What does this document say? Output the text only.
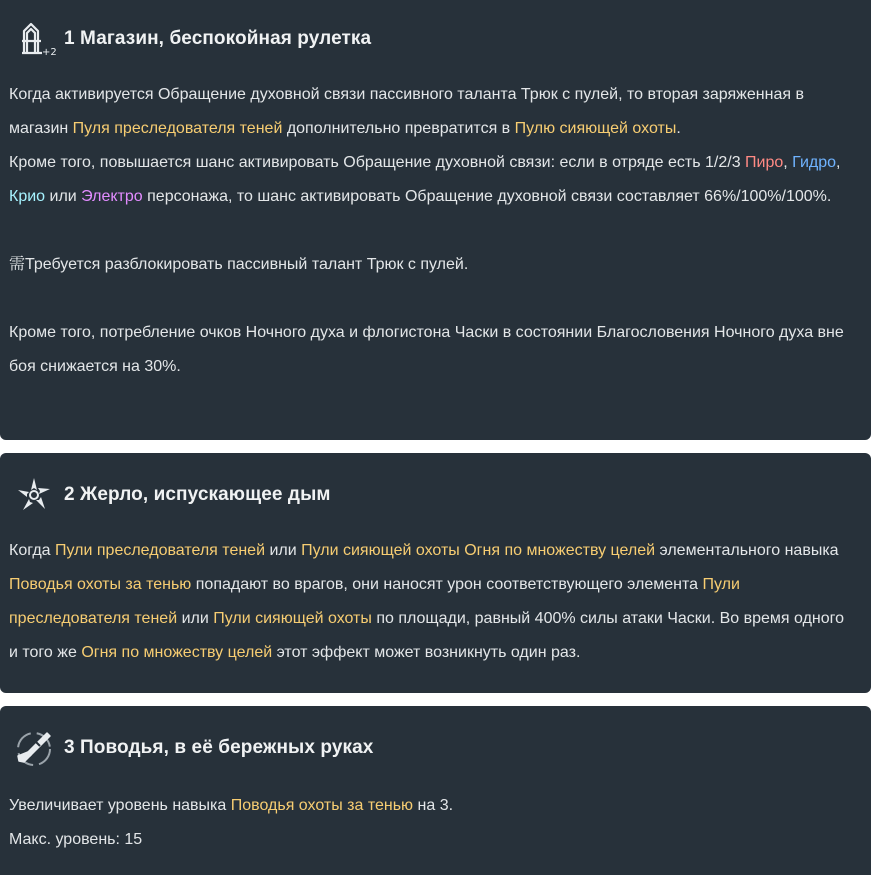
+2
1 Магазин, беспокойная рулетка

Когда активируется Обращение духовной связи пассивного таланта Трюк с пулей, то вторая заряженная в магазин Пуля преследователя теней дополнительно превратится в Пулю сияющей охоты.

Кроме того, повышается шанс активировать Обращение духовной связи: если в отряде есть 1/2/3 Пиро, Гидро, Крио или Электро персонажа, то шанс активировать Обращение духовной связи составляет 66%/100%/100%.

需Требуется разблокировать пассивный талант Трюк с пулей.

Кроме того, потребление очков Ночного духа и флогистона Часки в состоянии Благословения Ночного духа вне боя снижается на 30%.

2 Жерло, испускающее дым

Когда Пули преследователя теней или Пули сияющей охоты Огня по множеству целей элементального навыка Поводья охоты за тенью попадают во врагов, они наносят урон соответствующего элемента Пули преследователя теней или Пули сияющей охоты по площади, равный 400% силы атаки Часки. Во время одного и того же Огня по множеству целей этот эффект может возникнуть один раз.

3 Поводья, в её бережных руках

Увеличивает уровень навыка Поводья охоты за тенью на 3.

Макс. уровень: 15
